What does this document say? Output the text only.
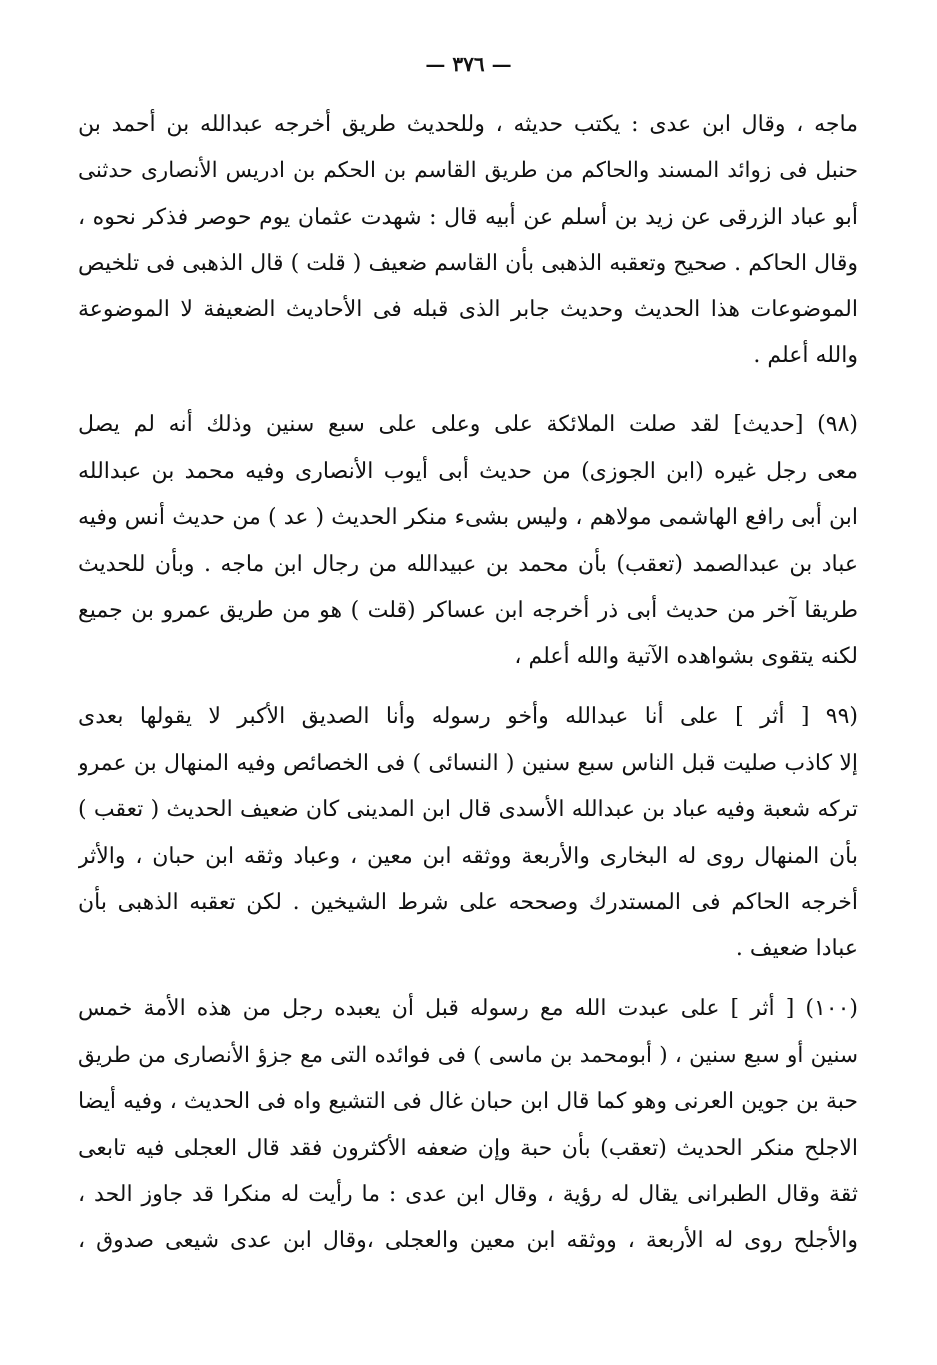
— ٣٧٦ —
ماجه ، وقال ابن عدى : يكتب حديثه ، وللحديث طريق أخرجه عبدالله بن أحمد بن
حنبل فى زوائد المسند والحاكم من طريق القاسم بن الحكم بن ادريس الأنصارى حدثنى
أبو عباد الزرقى عن زيد بن أسلم عن أبيه قال : شهدت عثمان يوم حوصر فذكر نحوه ،
وقال الحاكم . صحيح وتعقبه الذهبى بأن القاسم ضعيف ( قلت ) قال الذهبى فى تلخيص
الموضوعات هذا الحديث وحديث جابر الذى قبله فى الأحاديث الضعيفة لا الموضوعة
والله أعلم .
(٩٨) [حديث] لقد صلت الملائكة على وعلى على سبع سنين وذلك أنه لم يصل
معى رجل غيره (ابن الجوزى) من حديث أبى أيوب الأنصارى وفيه محمد بن عبدالله
ابن أبى رافع الهاشمى مولاهم ، وليس بشىء منكر الحديث ( عد ) من حديث أنس وفيه
عباد بن عبدالصمد (تعقب) بأن محمد بن عبيدالله من رجال ابن ماجه . وبأن للحديث
طريقا آخر من حديث أبى ذر أخرجه ابن عساكر (قلت ) هو من طريق عمرو بن جميع
لكنه يتقوى بشواهده الآتية والله أعلم ،
(٩٩ [ أثر ] على أنا عبدالله وأخو رسوله وأنا الصديق الأكبر لا يقولها بعدى
إلا كاذب صليت قبل الناس سبع سنين ( النسائى ) فى الخصائص وفيه المنهال بن عمرو
تركه شعبة وفيه عباد بن عبدالله الأسدى قال ابن المدينى كان ضعيف الحديث ( تعقب )
بأن المنهال روى له البخارى والأربعة ووثقه ابن معين ، وعباد وثقه ابن حبان ، والأثر
أخرجه الحاكم فى المستدرك وصححه على شرط الشيخين . لكن تعقبه الذهبى بأن
عبادا ضعيف .
(١٠٠) [ أثر ] على عبدت الله مع رسوله قبل أن يعبده رجل من هذه الأمة خمس
سنين أو سبع سنين ، ( أبومحمد بن ماسى ) فى فوائده التى مع جزؤ الأنصارى من طريق
حبة بن جوين العرنى وهو كما قال ابن حبان غال فى التشيع واه فى الحديث ، وفيه أيضا
الاجلح منكر الحديث (تعقب) بأن حبة وإن ضعفه الأكثرون فقد قال العجلى فيه تابعى
ثقة وقال الطبرانى يقال له رؤية ، وقال ابن عدى : ما رأيت له منكرا قد جاوز الحد ،
والأجلح روى له الأربعة ، ووثقه ابن معين والعجلى ،وقال ابن عدى شيعى صدوق ،
